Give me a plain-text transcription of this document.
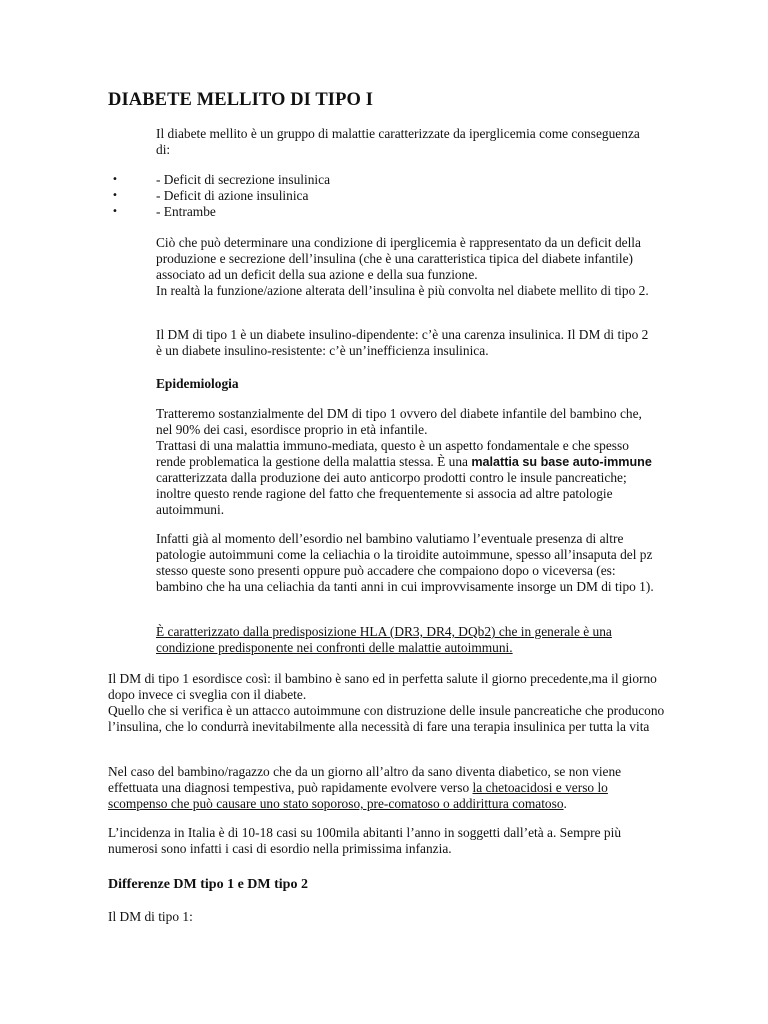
DIABETE MELLITO DI TIPO I

Il diabete mellito è un gruppo di malattie caratterizzate da iperglicemia come conseguenza di:

•	- Deficit di secrezione insulinica
•	- Deficit di azione insulinica
•	- Entrambe
Ciò che può determinare una condizione di iperglicemia è rappresentato da un deficit della produzione e secrezione dell’insulina (che è una caratteristica tipica del diabete infantile) associato ad un deficit della sua azione e della sua funzione.
In realtà la funzione/azione alterata dell’insulina è più convolta nel diabete mellito di tipo 2.

Il DM di tipo 1 è un diabete insulino-dipendente: c’è una carenza insulinica. Il DM di tipo 2 è un diabete insulino-resistente: c’è un’inefficienza insulinica.

Epidemiologia
Tratteremo sostanzialmente del DM di tipo 1 ovvero del diabete infantile del bambino che, nel 90% dei casi, esordisce proprio in età infantile.
Trattasi di una malattia immuno-mediata, questo è un aspetto fondamentale e che spesso rende problematica la gestione della malattia stessa. È una malattia su base auto-immune caratterizzata dalla produzione dei auto anticorpo prodotti contro le insule pancreatiche; inoltre questo rende ragione del fatto che frequentemente si associa ad altre patologie autoimmuni.

Infatti già al momento dell’esordio nel bambino valutiamo l’eventuale presenza di altre patologie autoimmuni come la celiachia o la tiroidite autoimmune, spesso all’insaputa del pz stesso queste sono presenti oppure può accadere che compaiono dopo o viceversa (es: bambino che ha una celiachia da tanti anni in cui improvvisamente insorge un DM di tipo 1).

È caratterizzato dalla predisposizione HLA (DR3, DR4, DQb2) che in generale è una condizione predisponente nei confronti delle malattie autoimmuni.

Il DM di tipo 1 esordisce così: il bambino è sano ed in perfetta salute il giorno precedente,ma il giorno dopo invece ci sveglia con il diabete.
Quello che si verifica è un attacco autoimmune con distruzione delle insule pancreatiche che producono l’insulina, che lo condurrà inevitabilmente alla necessità di fare una terapia insulinica per tutta la vita
Nel caso del bambino/ragazzo che da un giorno all’altro da sano diventa diabetico, se non viene effettuata una diagnosi tempestiva, può rapidamente evolvere verso la chetoacidosi e verso lo scompenso che può causare uno stato soporoso, pre-comatoso o addirittura comatoso.

L’incidenza in Italia è di 10-18 casi su 100mila abitanti l’anno in soggetti dall’età a. Sempre più numerosi sono infatti i casi di esordio nella primissima infanzia.

Differenze DM tipo 1 e DM tipo 2

Il DM di tipo 1:
